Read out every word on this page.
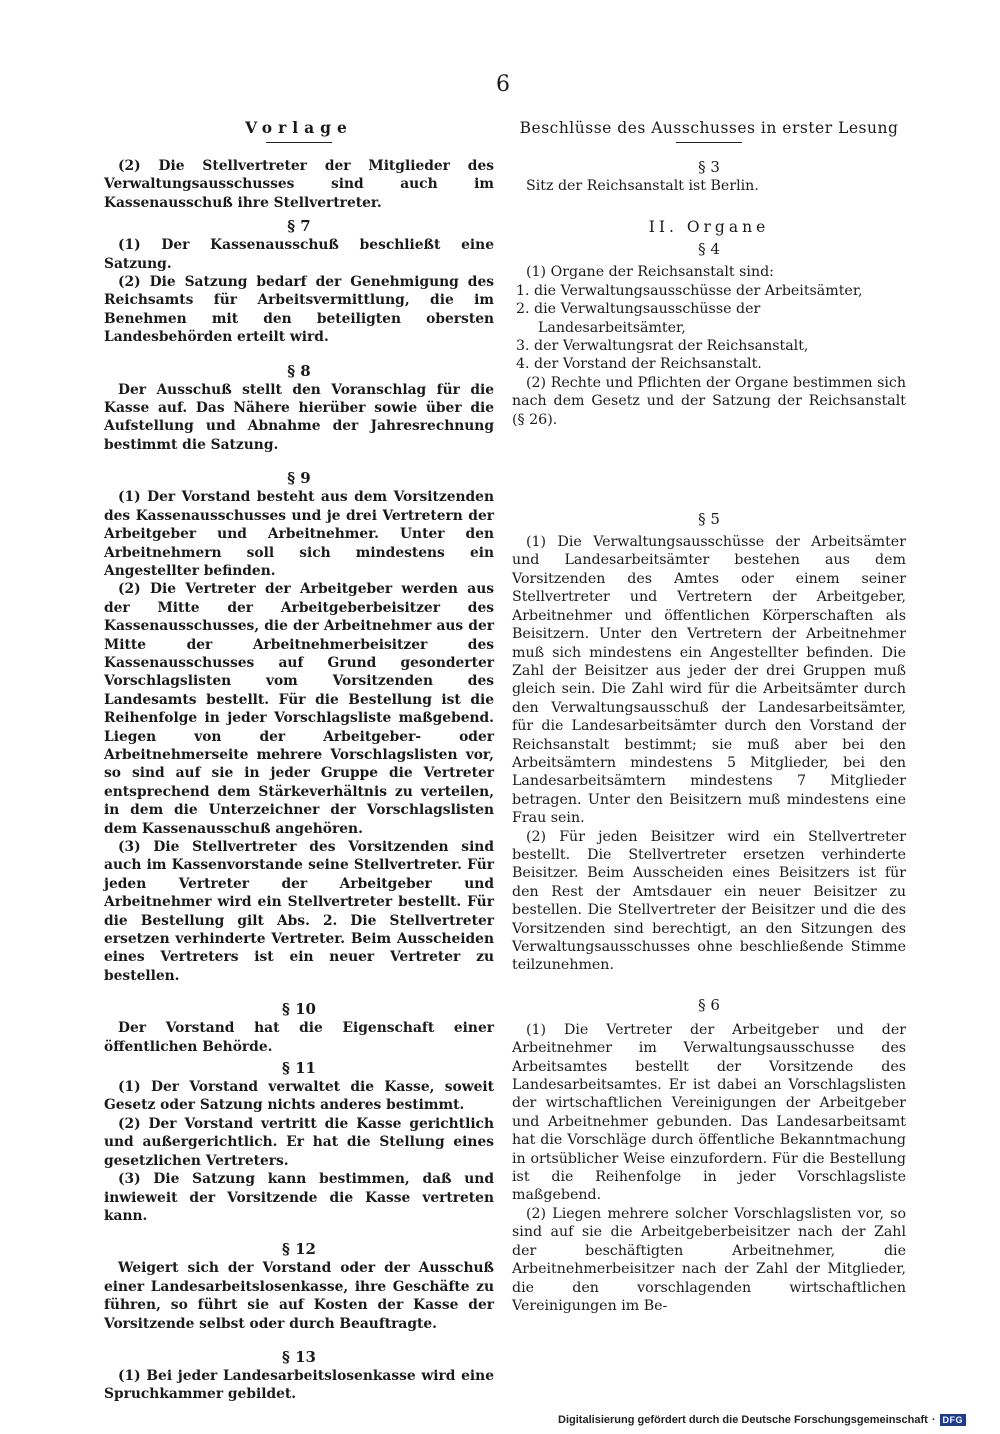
6
Vorlage

(2) Die Stellvertreter der Mitglieder des Verwaltungsausschusses sind auch im Kassenausschuß ihre Stellvertreter.

§ 7

(1) Der Kassenausschuß beschließt eine Satzung.

(2) Die Satzung bedarf der Genehmigung des Reichsamts für Arbeitsvermittlung, die im Benehmen mit den beteiligten obersten Landesbehörden erteilt wird.

§ 8

Der Ausschuß stellt den Voranschlag für die Kasse auf. Das Nähere hierüber sowie über die Aufstellung und Abnahme der Jahresrechnung bestimmt die Satzung.

§ 9

(1) Der Vorstand besteht aus dem Vorsitzenden des Kassenausschusses und je drei Vertretern der Arbeitgeber und Arbeitnehmer. Unter den Arbeitnehmern soll sich mindestens ein Angestellter befinden.

(2) Die Vertreter der Arbeitgeber werden aus der Mitte der Arbeitgeberbeisitzer des Kassenausschusses, die der Arbeitnehmer aus der Mitte der Arbeitnehmerbeisitzer des Kassenausschusses auf Grund gesonderter Vorschlagslisten vom Vorsitzenden des Landesamts bestellt. Für die Bestellung ist die Reihenfolge in jeder Vorschlagsliste maßgebend. Liegen von der Arbeitgeber- oder Arbeitnehmerseite mehrere Vorschlagslisten vor, so sind auf sie in jeder Gruppe die Vertreter entsprechend dem Stärkeverhältnis zu verteilen, in dem die Unterzeichner der Vorschlagslisten dem Kassenausschuß angehören.

(3) Die Stellvertreter des Vorsitzenden sind auch im Kassenvorstande seine Stellvertreter. Für jeden Vertreter der Arbeitgeber und Arbeitnehmer wird ein Stellvertreter bestellt. Für die Bestellung gilt Abs. 2. Die Stellvertreter ersetzen verhinderte Vertreter. Beim Ausscheiden eines Vertreters ist ein neuer Vertreter zu bestellen.

§ 10

Der Vorstand hat die Eigenschaft einer öffentlichen Behörde.

§ 11

(1) Der Vorstand verwaltet die Kasse, soweit Gesetz oder Satzung nichts anderes bestimmt.

(2) Der Vorstand vertritt die Kasse gerichtlich und außergerichtlich. Er hat die Stellung eines gesetzlichen Vertreters.

(3) Die Satzung kann bestimmen, daß und inwieweit der Vorsitzende die Kasse vertreten kann.

§ 12

Weigert sich der Vorstand oder der Ausschuß einer Landesarbeitslosenkasse, ihre Geschäfte zu führen, so führt sie auf Kosten der Kasse der Vorsitzende selbst oder durch Beauftragte.

§ 13

(1) Bei jeder Landesarbeitslosenkasse wird eine Spruchkammer gebildet.

Beschlüsse des Ausschusses in erster Lesung
§ 3

Sitz der Reichsanstalt ist Berlin.

II. Organe
§ 4

(1) Organe der Reichsanstalt sind:

1. die Verwaltungsausschüsse der Arbeitsämter,

2. die Verwaltungsausschüsse der Landesarbeitsämter,

3. der Verwaltungsrat der Reichsanstalt,

4. der Vorstand der Reichsanstalt.

(2) Rechte und Pflichten der Organe bestimmen sich nach dem Gesetz und der Satzung der Reichsanstalt (§ 26).

§ 5

(1) Die Verwaltungsausschüsse der Arbeitsämter und Landesarbeitsämter bestehen aus dem Vorsitzenden des Amtes oder einem seiner Stellvertreter und Vertretern der Arbeitgeber, Arbeitnehmer und öffentlichen Körperschaften als Beisitzern. Unter den Vertretern der Arbeitnehmer muß sich mindestens ein Angestellter befinden. Die Zahl der Beisitzer aus jeder der drei Gruppen muß gleich sein. Die Zahl wird für die Arbeitsämter durch den Verwaltungsausschuß der Landesarbeitsämter, für die Landesarbeitsämter durch den Vorstand der Reichsanstalt bestimmt; sie muß aber bei den Arbeitsämtern mindestens 5 Mitglieder, bei den Landesarbeitsämtern mindestens 7 Mitglieder betragen. Unter den Beisitzern muß mindestens eine Frau sein.

(2) Für jeden Beisitzer wird ein Stellvertreter bestellt. Die Stellvertreter ersetzen verhinderte Beisitzer. Beim Ausscheiden eines Beisitzers ist für den Rest der Amtsdauer ein neuer Beisitzer zu bestellen. Die Stellvertreter der Beisitzer und die des Vorsitzenden sind berechtigt, an den Sitzungen des Verwaltungsausschusses ohne beschließende Stimme teilzunehmen.

§ 6

(1) Die Vertreter der Arbeitgeber und der Arbeitnehmer im Verwaltungsausschusse des Arbeitsamtes bestellt der Vorsitzende des Landesarbeitsamtes. Er ist dabei an Vorschlagslisten der wirtschaftlichen Vereinigungen der Arbeitgeber und Arbeitnehmer gebunden. Das Landesarbeitsamt hat die Vorschläge durch öffentliche Bekanntmachung in ortsüblicher Weise einzufordern. Für die Bestellung ist die Reihenfolge in jeder Vorschlagsliste maßgebend.

(2) Liegen mehrere solcher Vorschlagslisten vor, so sind auf sie die Arbeitgeberbeisitzer nach der Zahl der beschäftigten Arbeitnehmer, die Arbeitnehmerbeisitzer nach der Zahl der Mitglieder, die den vorschlagenden wirtschaftlichen Vereinigungen im Be-

Digitalisierung gefördert durch die Deutsche Forschungsgemeinschaft · DFG
